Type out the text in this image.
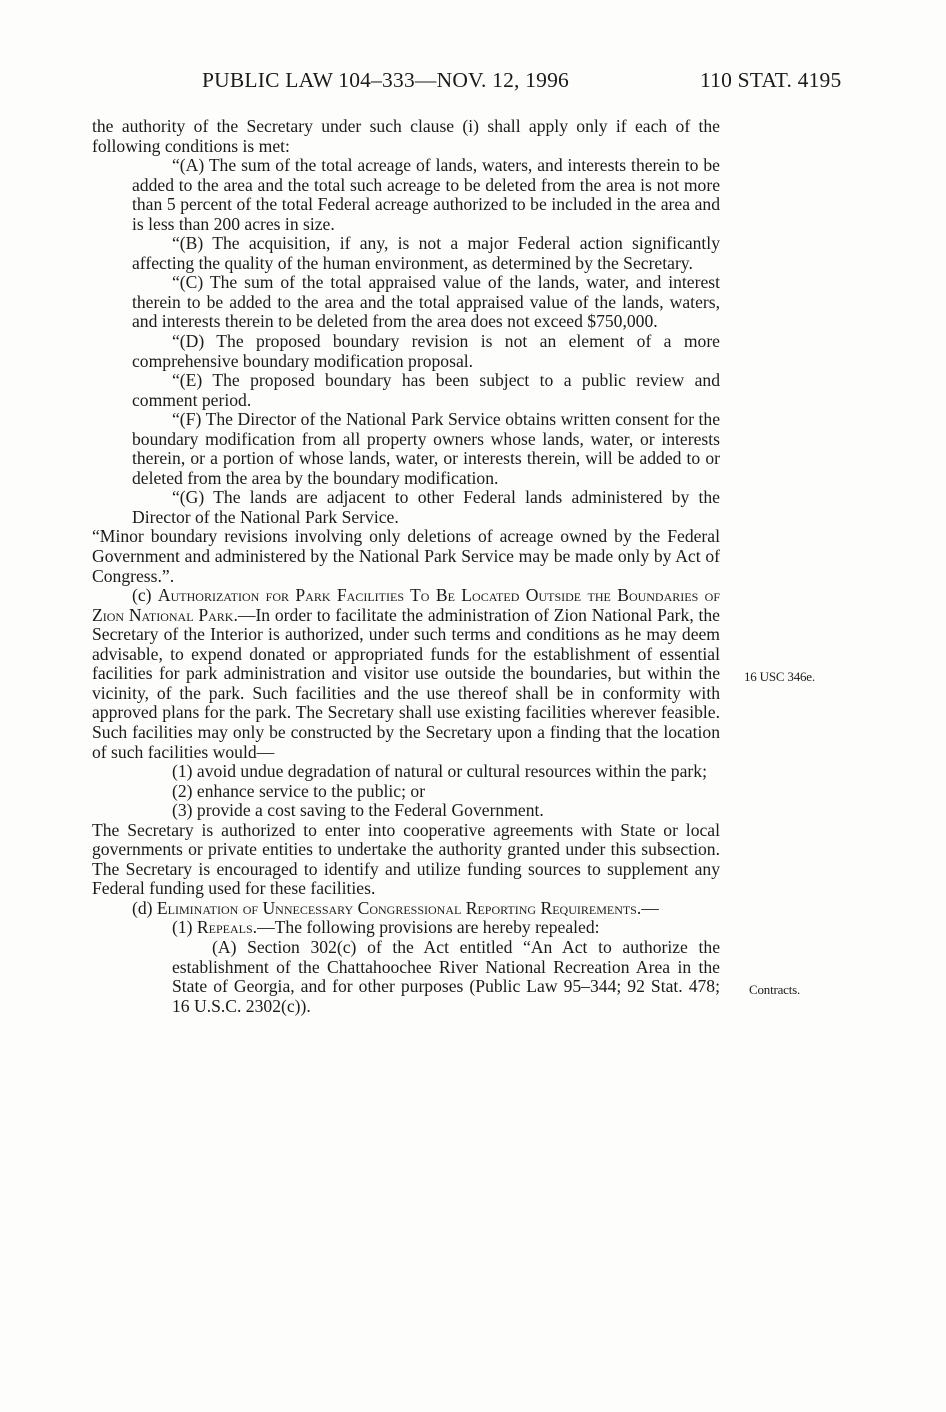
PUBLIC LAW 104–333—NOV. 12, 1996	110 STAT. 4195

the authority of the Secretary under such clause (i) shall apply only if each of the following conditions is met:

“(A) The sum of the total acreage of lands, waters, and interests therein to be added to the area and the total such acreage to be deleted from the area is not more than 5 percent of the total Federal acreage authorized to be included in the area and is less than 200 acres in size.

“(B) The acquisition, if any, is not a major Federal action significantly affecting the quality of the human environment, as determined by the Secretary.

“(C) The sum of the total appraised value of the lands, water, and interest therein to be added to the area and the total appraised value of the lands, waters, and interests therein to be deleted from the area does not exceed $750,000.

“(D) The proposed boundary revision is not an element of a more comprehensive boundary modification proposal.

“(E) The proposed boundary has been subject to a public review and comment period.

“(F) The Director of the National Park Service obtains written consent for the boundary modification from all property owners whose lands, water, or interests therein, or a portion of whose lands, water, or interests therein, will be added to or deleted from the area by the boundary modification.

“(G) The lands are adjacent to other Federal lands administered by the Director of the National Park Service.

“Minor boundary revisions involving only deletions of acreage owned by the Federal Government and administered by the National Park Service may be made only by Act of Congress.”.

(c) Authorization for Park Facilities To Be Located Outside the Boundaries of Zion National Park.—In order to facilitate the administration of Zion National Park, the Secretary of the Interior is authorized, under such terms and conditions as he may deem advisable, to expend donated or appropriated funds for the establishment of essential facilities for park administration and visitor use outside the boundaries, but within the vicinity, of the park. Such facilities and the use thereof shall be in conformity with approved plans for the park. The Secretary shall use existing facilities wherever feasible. Such facilities may only be constructed by the Secretary upon a finding that the location of such facilities would—

(1) avoid undue degradation of natural or cultural resources within the park;

(2) enhance service to the public; or

(3) provide a cost saving to the Federal Government.

The Secretary is authorized to enter into cooperative agreements with State or local governments or private entities to undertake the authority granted under this subsection. The Secretary is encouraged to identify and utilize funding sources to supplement any Federal funding used for these facilities.

(d) Elimination of Unnecessary Congressional Reporting Requirements.—

(1) Repeals.—The following provisions are hereby repealed:

(A) Section 302(c) of the Act entitled “An Act to authorize the establishment of the Chattahoochee River National Recreation Area in the State of Georgia, and for other purposes (Public Law 95–344; 92 Stat. 478; 16 U.S.C. 2302(c)).

16 USC 346e.
Contracts.
